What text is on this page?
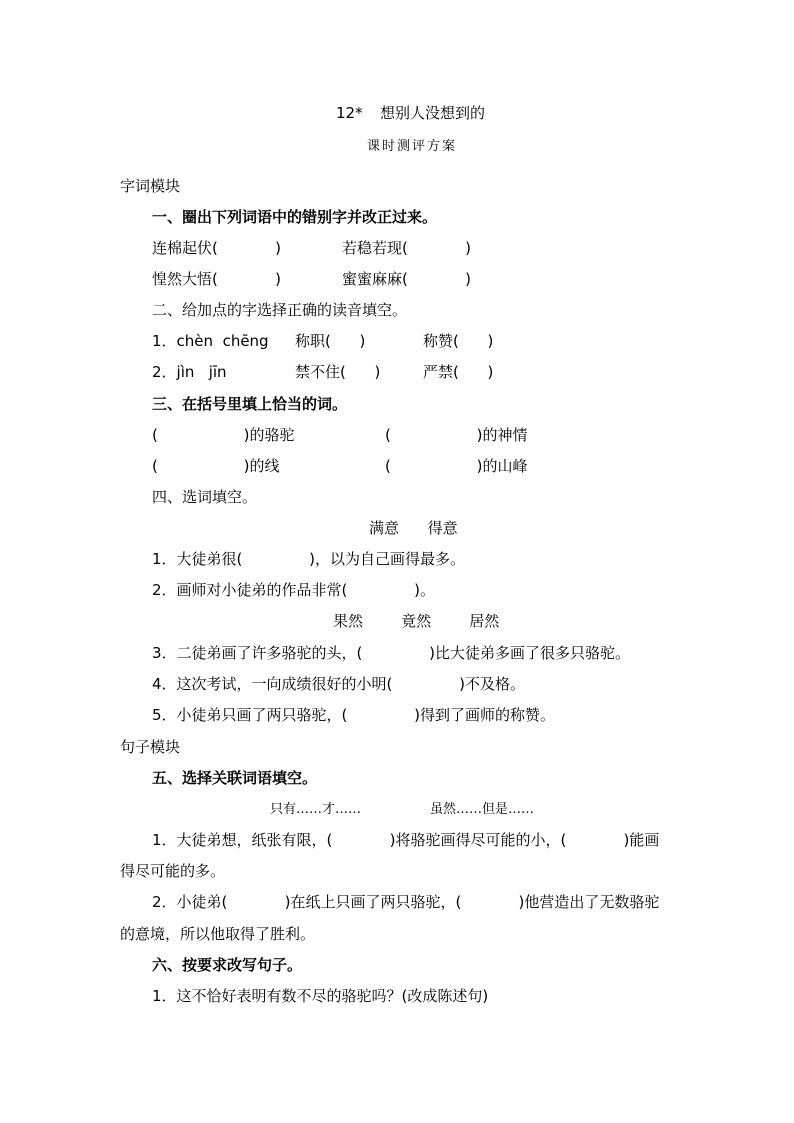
12* 想别人没想到的
课时测评方案
字词模块
一、圈出下列词语中的错别字并改正过来。
连棉起伏(            )	若稳若现(            )
惶然大悟(            )	蜜蜜麻麻(            )
二、给加点的字选择正确的读音填空。
1．chèn  chēng 称职(      )	称赞(      )
2．jìn   jīn	禁不住(      )	严禁(      )
三、在括号里填上恰当的词。
(                  )的骆驼	(                  )的神情
(                  )的线	(                  )的山峰
四、选词填空。
满意      得意
1．大徒弟很(              )，以为自己画得最多。
2．画师对小徒弟的作品非常(              )。
果然        竟然        居然
3．二徒弟画了许多骆驼的头，(              )比大徒弟多画了很多只骆驼。
4．这次考试，一向成绩很好的小明(              )不及格。
5．小徒弟只画了两只骆驼，(              )得到了画师的称赞。
句子模块
五、选择关联词语填空。
只有……才……	虽然……但是……
1．大徒弟想，纸张有限，(            )将骆驼画得尽可能的小，(            )能画
得尽可能的多。
2．小徒弟(            )在纸上只画了两只骆驼，(            )他营造出了无数骆驼
的意境，所以他取得了胜利。
六、按要求改写句子。
1．这不恰好表明有数不尽的骆驼吗？(改成陈述句)
